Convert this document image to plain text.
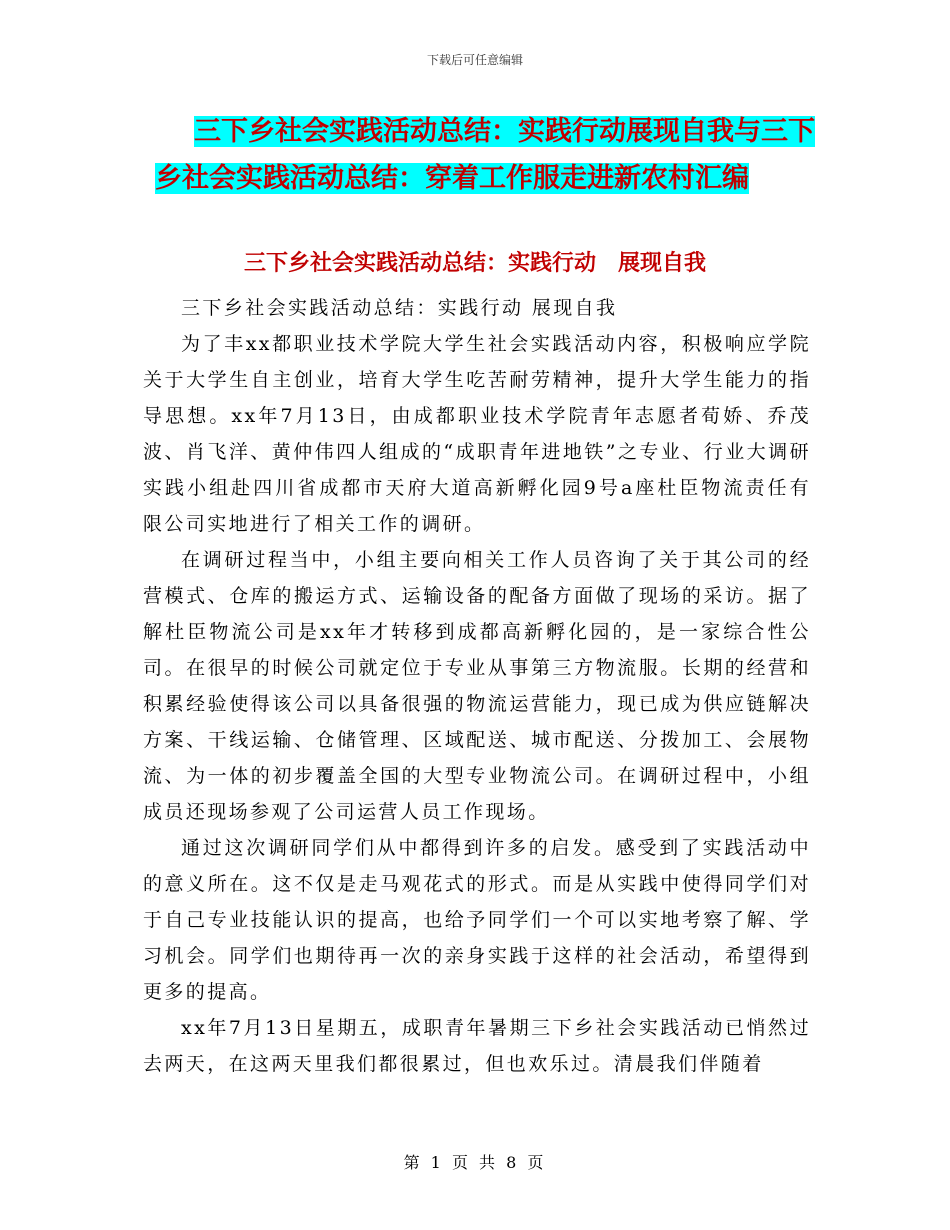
下载后可任意编辑
三下乡社会实践活动总结：实践行动展现自我与三下
乡社会实践活动总结：穿着工作服走进新农村汇编
三下乡社会实践活动总结：实践行动　展现自我

三下乡社会实践活动总结：实践行动 展现自我

为了丰xx都职业技术学院大学生社会实践活动内容，积极响应学院关于大学生自主创业，培育大学生吃苦耐劳精神，提升大学生能力的指导思想。xx年7月13日，由成都职业技术学院青年志愿者荀娇、乔茂波、肖飞洋、黄仲伟四人组成的“成职青年进地铁”之专业、行业大调研实践小组赴四川省成都市天府大道高新孵化园9号a座杜臣物流责任有限公司实地进行了相关工作的调研。

在调研过程当中，小组主要向相关工作人员咨询了关于其公司的经营模式、仓库的搬运方式、运输设备的配备方面做了现场的采访。据了解杜臣物流公司是xx年才转移到成都高新孵化园的，是一家综合性公司。在很早的时候公司就定位于专业从事第三方物流服。长期的经营和积累经验使得该公司以具备很强的物流运营能力，现已成为供应链解决方案、干线运输、仓储管理、区域配送、城市配送、分拨加工、会展物流、为一体的初步覆盖全国的大型专业物流公司。在调研过程中，小组成员还现场参观了公司运营人员工作现场。

通过这次调研同学们从中都得到许多的启发。感受到了实践活动中的意义所在。这不仅是走马观花式的形式。而是从实践中使得同学们对于自己专业技能认识的提高，也给予同学们一个可以实地考察了解、学习机会。同学们也期待再一次的亲身实践于这样的社会活动，希望得到更多的提高。

xx年7月13日星期五，成职青年暑期三下乡社会实践活动已悄然过去两天，在这两天里我们都很累过，但也欢乐过。清晨我们伴随着

第 1 页 共 8 页
